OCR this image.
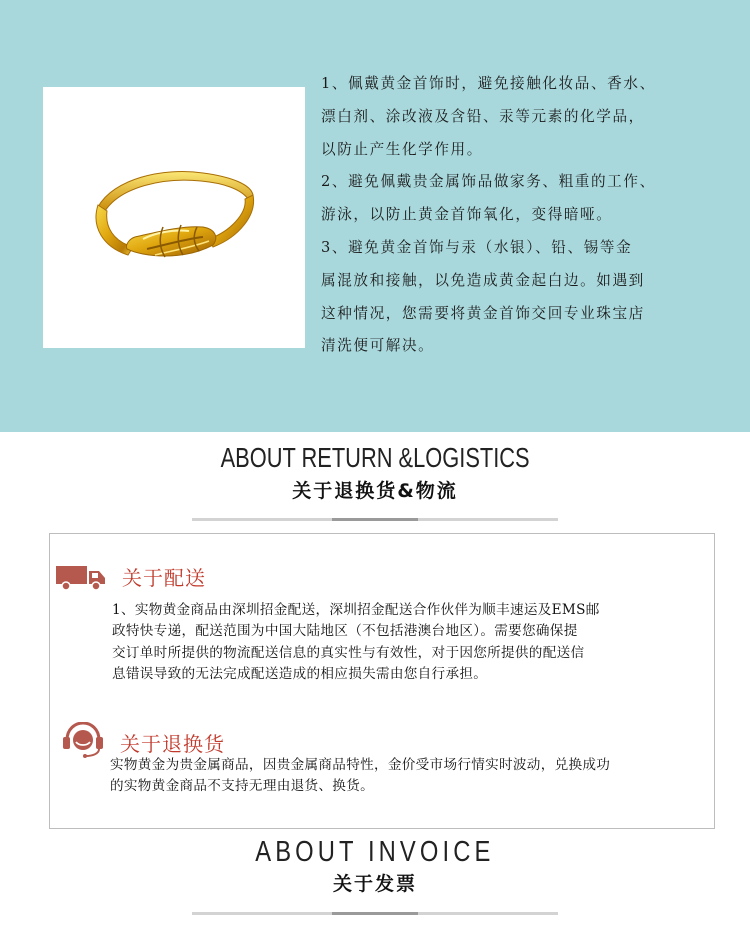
1、佩戴黄金首饰时，避免接触化妆品、香水、

漂白剂、涂改液及含铅、汞等元素的化学品，

以防止产生化学作用。

2、避免佩戴贵金属饰品做家务、粗重的工作、

游泳，以防止黄金首饰氧化，变得暗哑。

3、避免黄金首饰与汞（水银）、铅、锡等金

属混放和接触，以免造成黄金起白边。如遇到

这种情况，您需要将黄金首饰交回专业珠宝店

清洗便可解决。

ABOUT RETURN &LOGISTICS
关于退换货&物流
关于配送

1、实物黄金商品由深圳招金配送，深圳招金配送合作伙伴为顺丰速运及EMS邮

政特快专递，配送范围为中国大陆地区（不包括港澳台地区）。需要您确保提

交订单时所提供的物流配送信息的真实性与有效性，对于因您所提供的配送信

息错误导致的无法完成配送造成的相应损失需由您自行承担。

关于退换货

实物黄金为贵金属商品，因贵金属商品特性，金价受市场行情实时波动，兑换成功

的实物黄金商品不支持无理由退货、换货。

ABOUT INVOICE
关于发票
